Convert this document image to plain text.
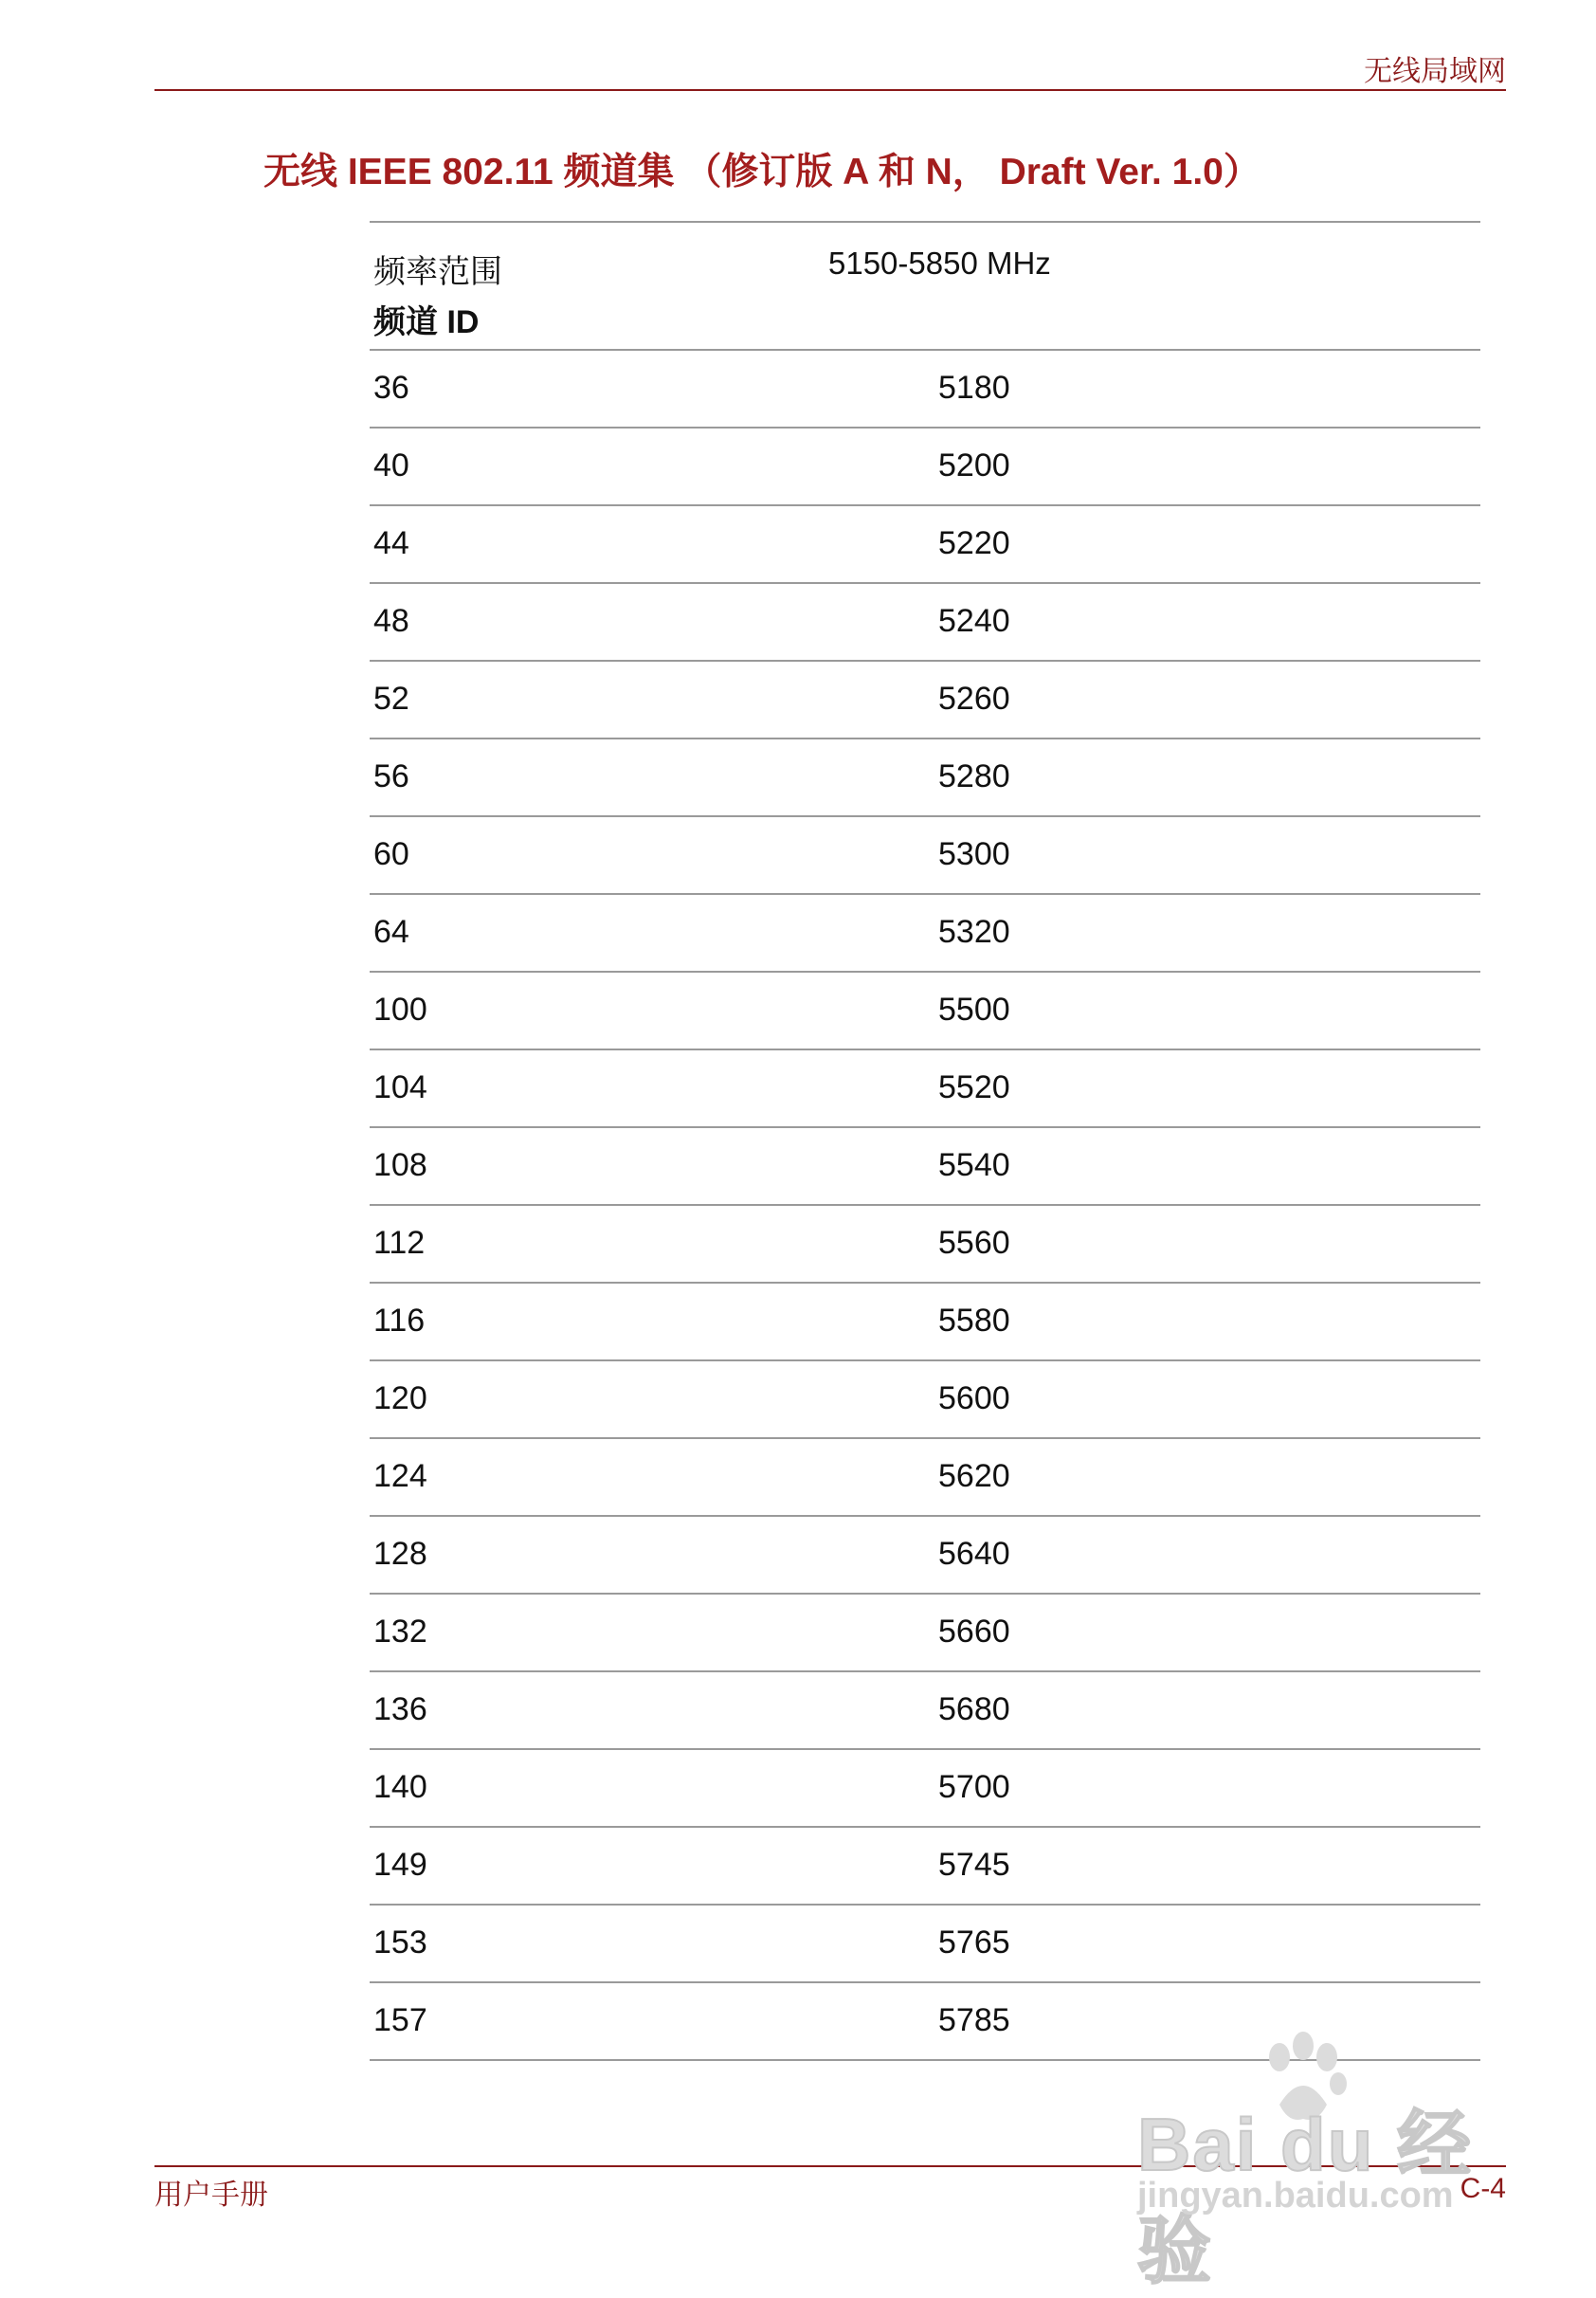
无线局域网
无线 IEEE 802.11 频道集 （修订版 A 和 N， Draft Ver. 1.0）
频率范围	5150-5850 MHz
频道 ID
36	5180
40	5200
44	5220
48	5240
52	5260
56	5280
60	5300
64	5320
100	5500
104	5520
108	5540
112	5560
116	5580
120	5600
124	5620
128	5640
132	5660
136	5680
140	5700
149	5745
153	5765
157	5785
用户手册	C-4
Bai du 经验
jingyan.baidu.com
